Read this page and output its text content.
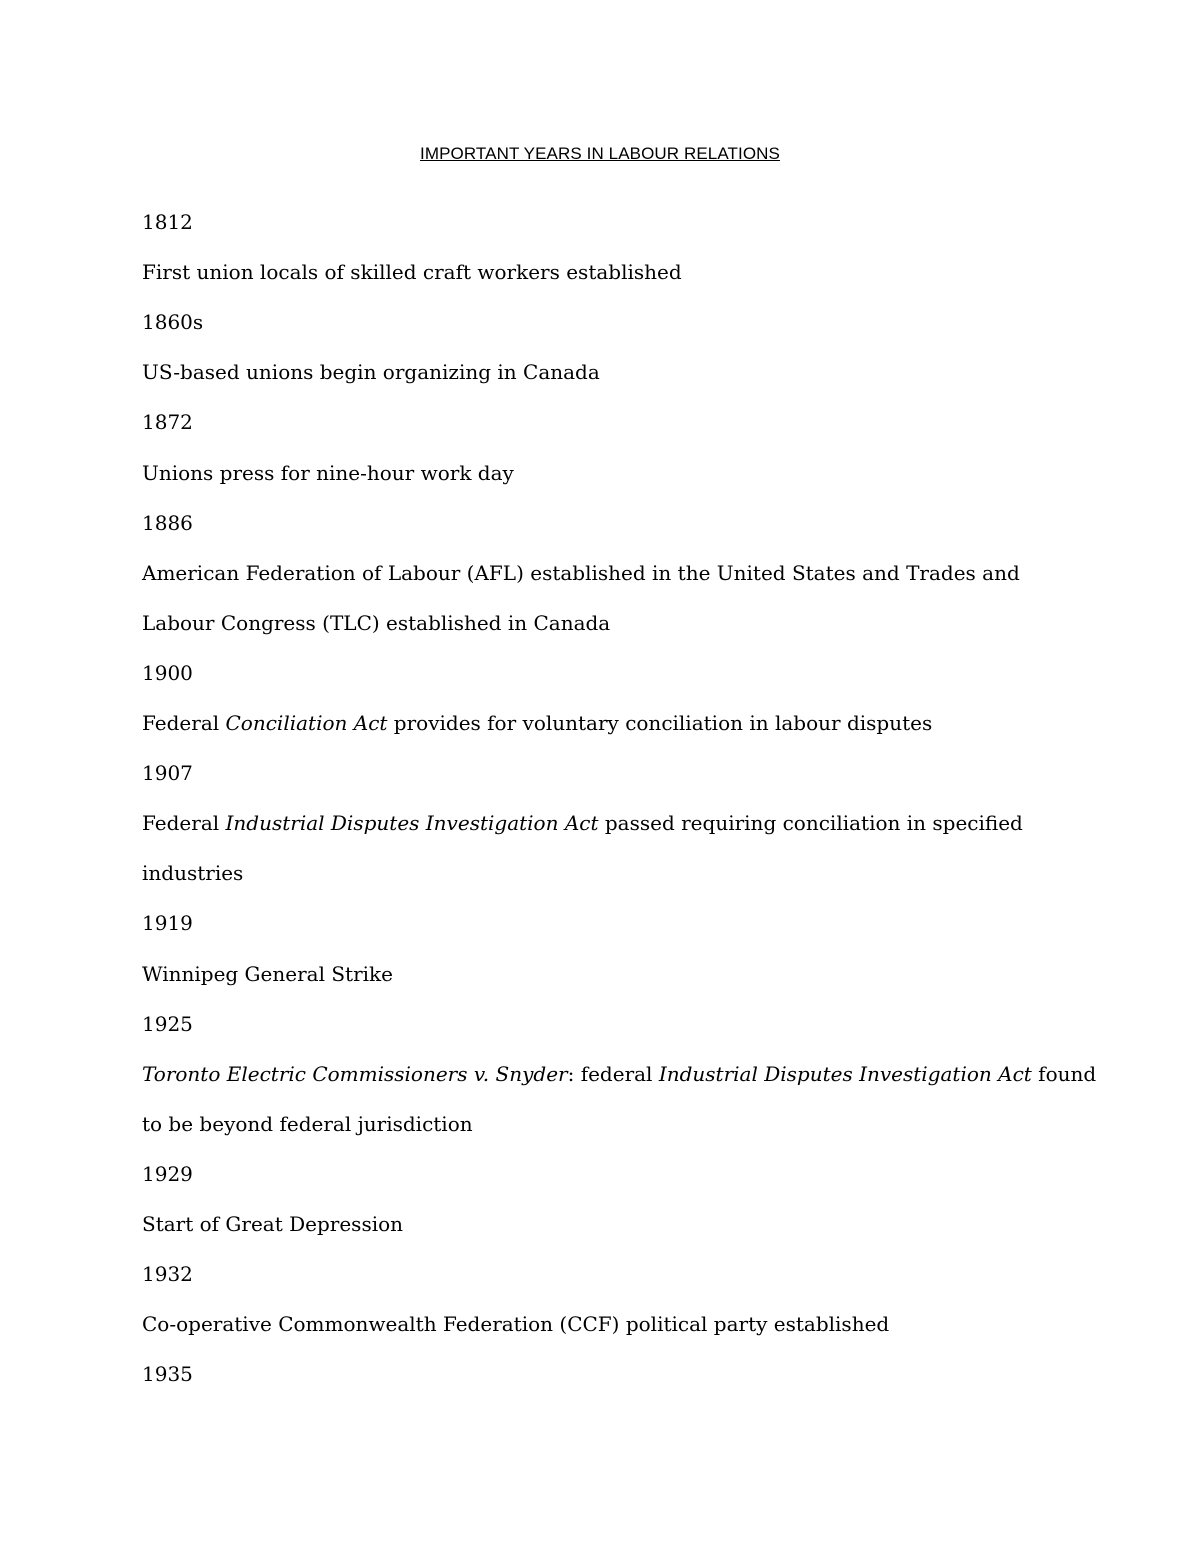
IMPORTANT YEARS IN LABOUR RELATIONS
1812
First union locals of skilled craft workers established
1860s
US-based unions begin organizing in Canada
1872
Unions press for nine-hour work day
1886
American Federation of Labour (AFL) established in the United States and Trades and
Labour Congress (TLC) established in Canada
1900
Federal Conciliation Act provides for voluntary conciliation in labour disputes
1907
Federal Industrial Disputes Investigation Act passed requiring conciliation in specified
industries
1919
Winnipeg General Strike
1925
Toronto Electric Commissioners v. Snyder: federal Industrial Disputes Investigation Act found
to be beyond federal jurisdiction
1929
Start of Great Depression
1932
Co-operative Commonwealth Federation (CCF) political party established
1935
